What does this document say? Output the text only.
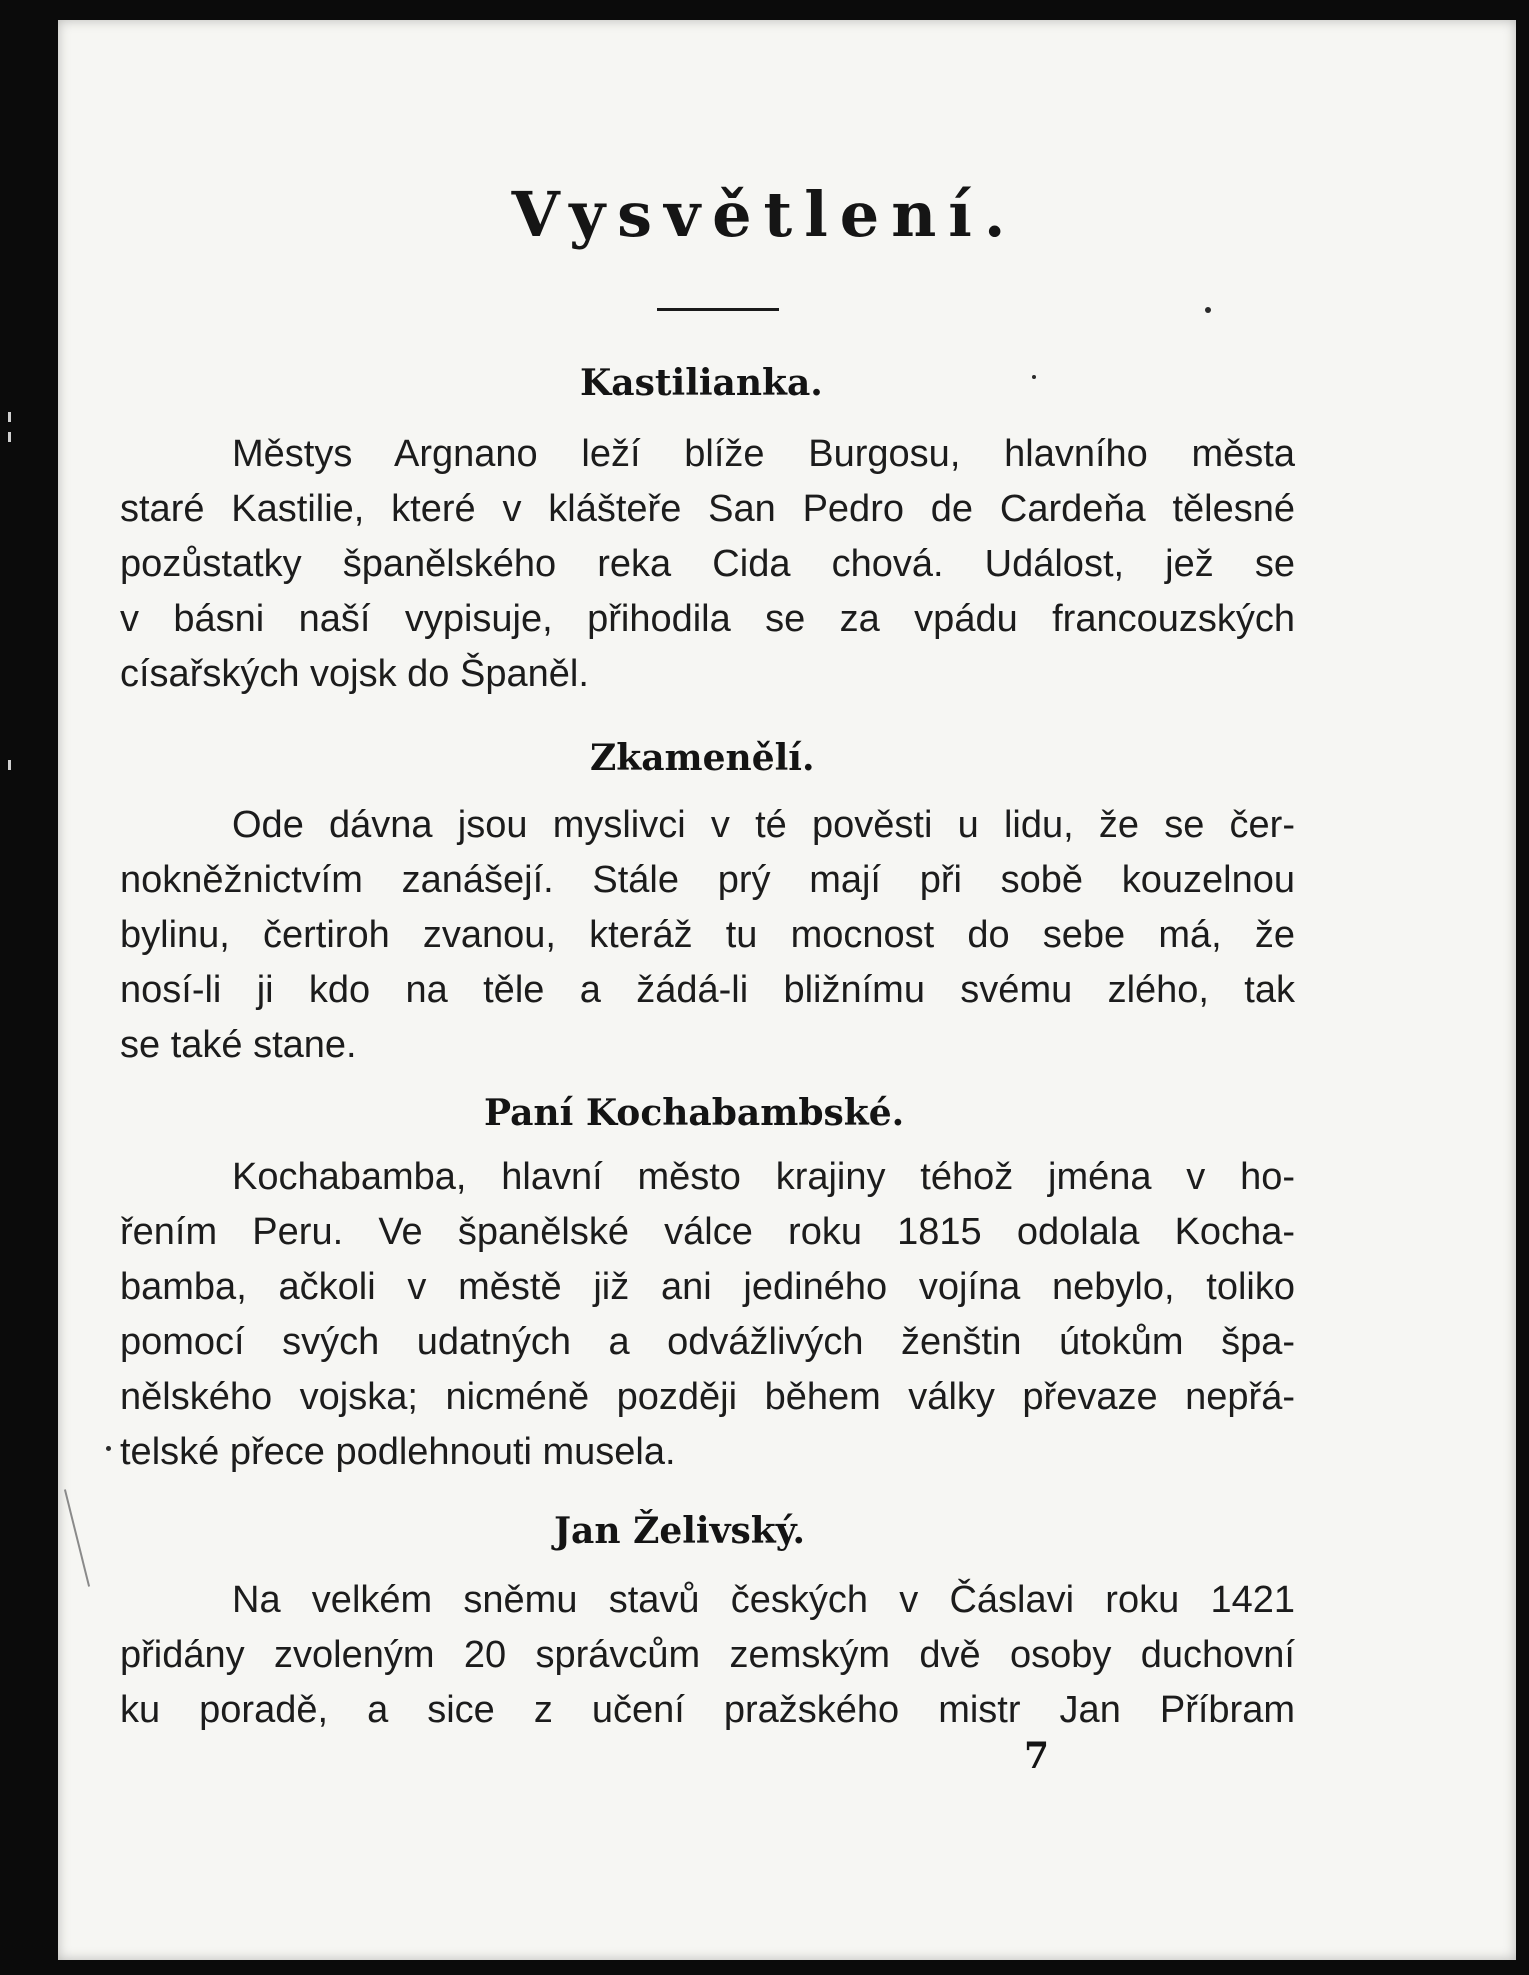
Vysvětlení.
Kastilianka.
Městys Argnano leží blíže Burgosu, hlavního města
staré Kastilie, které v klášteře San Pedro de Cardeňa tělesné
pozůstatky španělského reka Cida chová. Událost, jež se
v básni naší vypisuje, přihodila se za vpádu francouzských
císařských vojsk do Španěl.
Zkamenělí.
Ode dávna jsou myslivci v té pověsti u lidu, že se čer-
nokněžnictvím zanášejí. Stále prý mají při sobě kouzelnou
bylinu, čertiroh zvanou, kteráž tu mocnost do sebe má, že
nosí-li ji kdo na těle a žádá-li bližnímu svému zlého, tak
se také stane.
Paní Kochabambské.
Kochabamba, hlavní město krajiny téhož jména v ho-
řením Peru. Ve španělské válce roku 1815 odolala Kocha-
bamba, ačkoli v městě již ani jediného vojína nebylo, toliko
pomocí svých udatných a odvážlivých ženštin útokům špa-
nělského vojska; nicméně později během války převaze nepřá-
telské přece podlehnouti musela.
Jan Želivský.
Na velkém sněmu stavů českých v Čáslavi roku 1421
přidány zvoleným 20 správcům zemským dvě osoby duchovní
ku poradě, a sice z učení pražského mistr Jan Příbram
7
